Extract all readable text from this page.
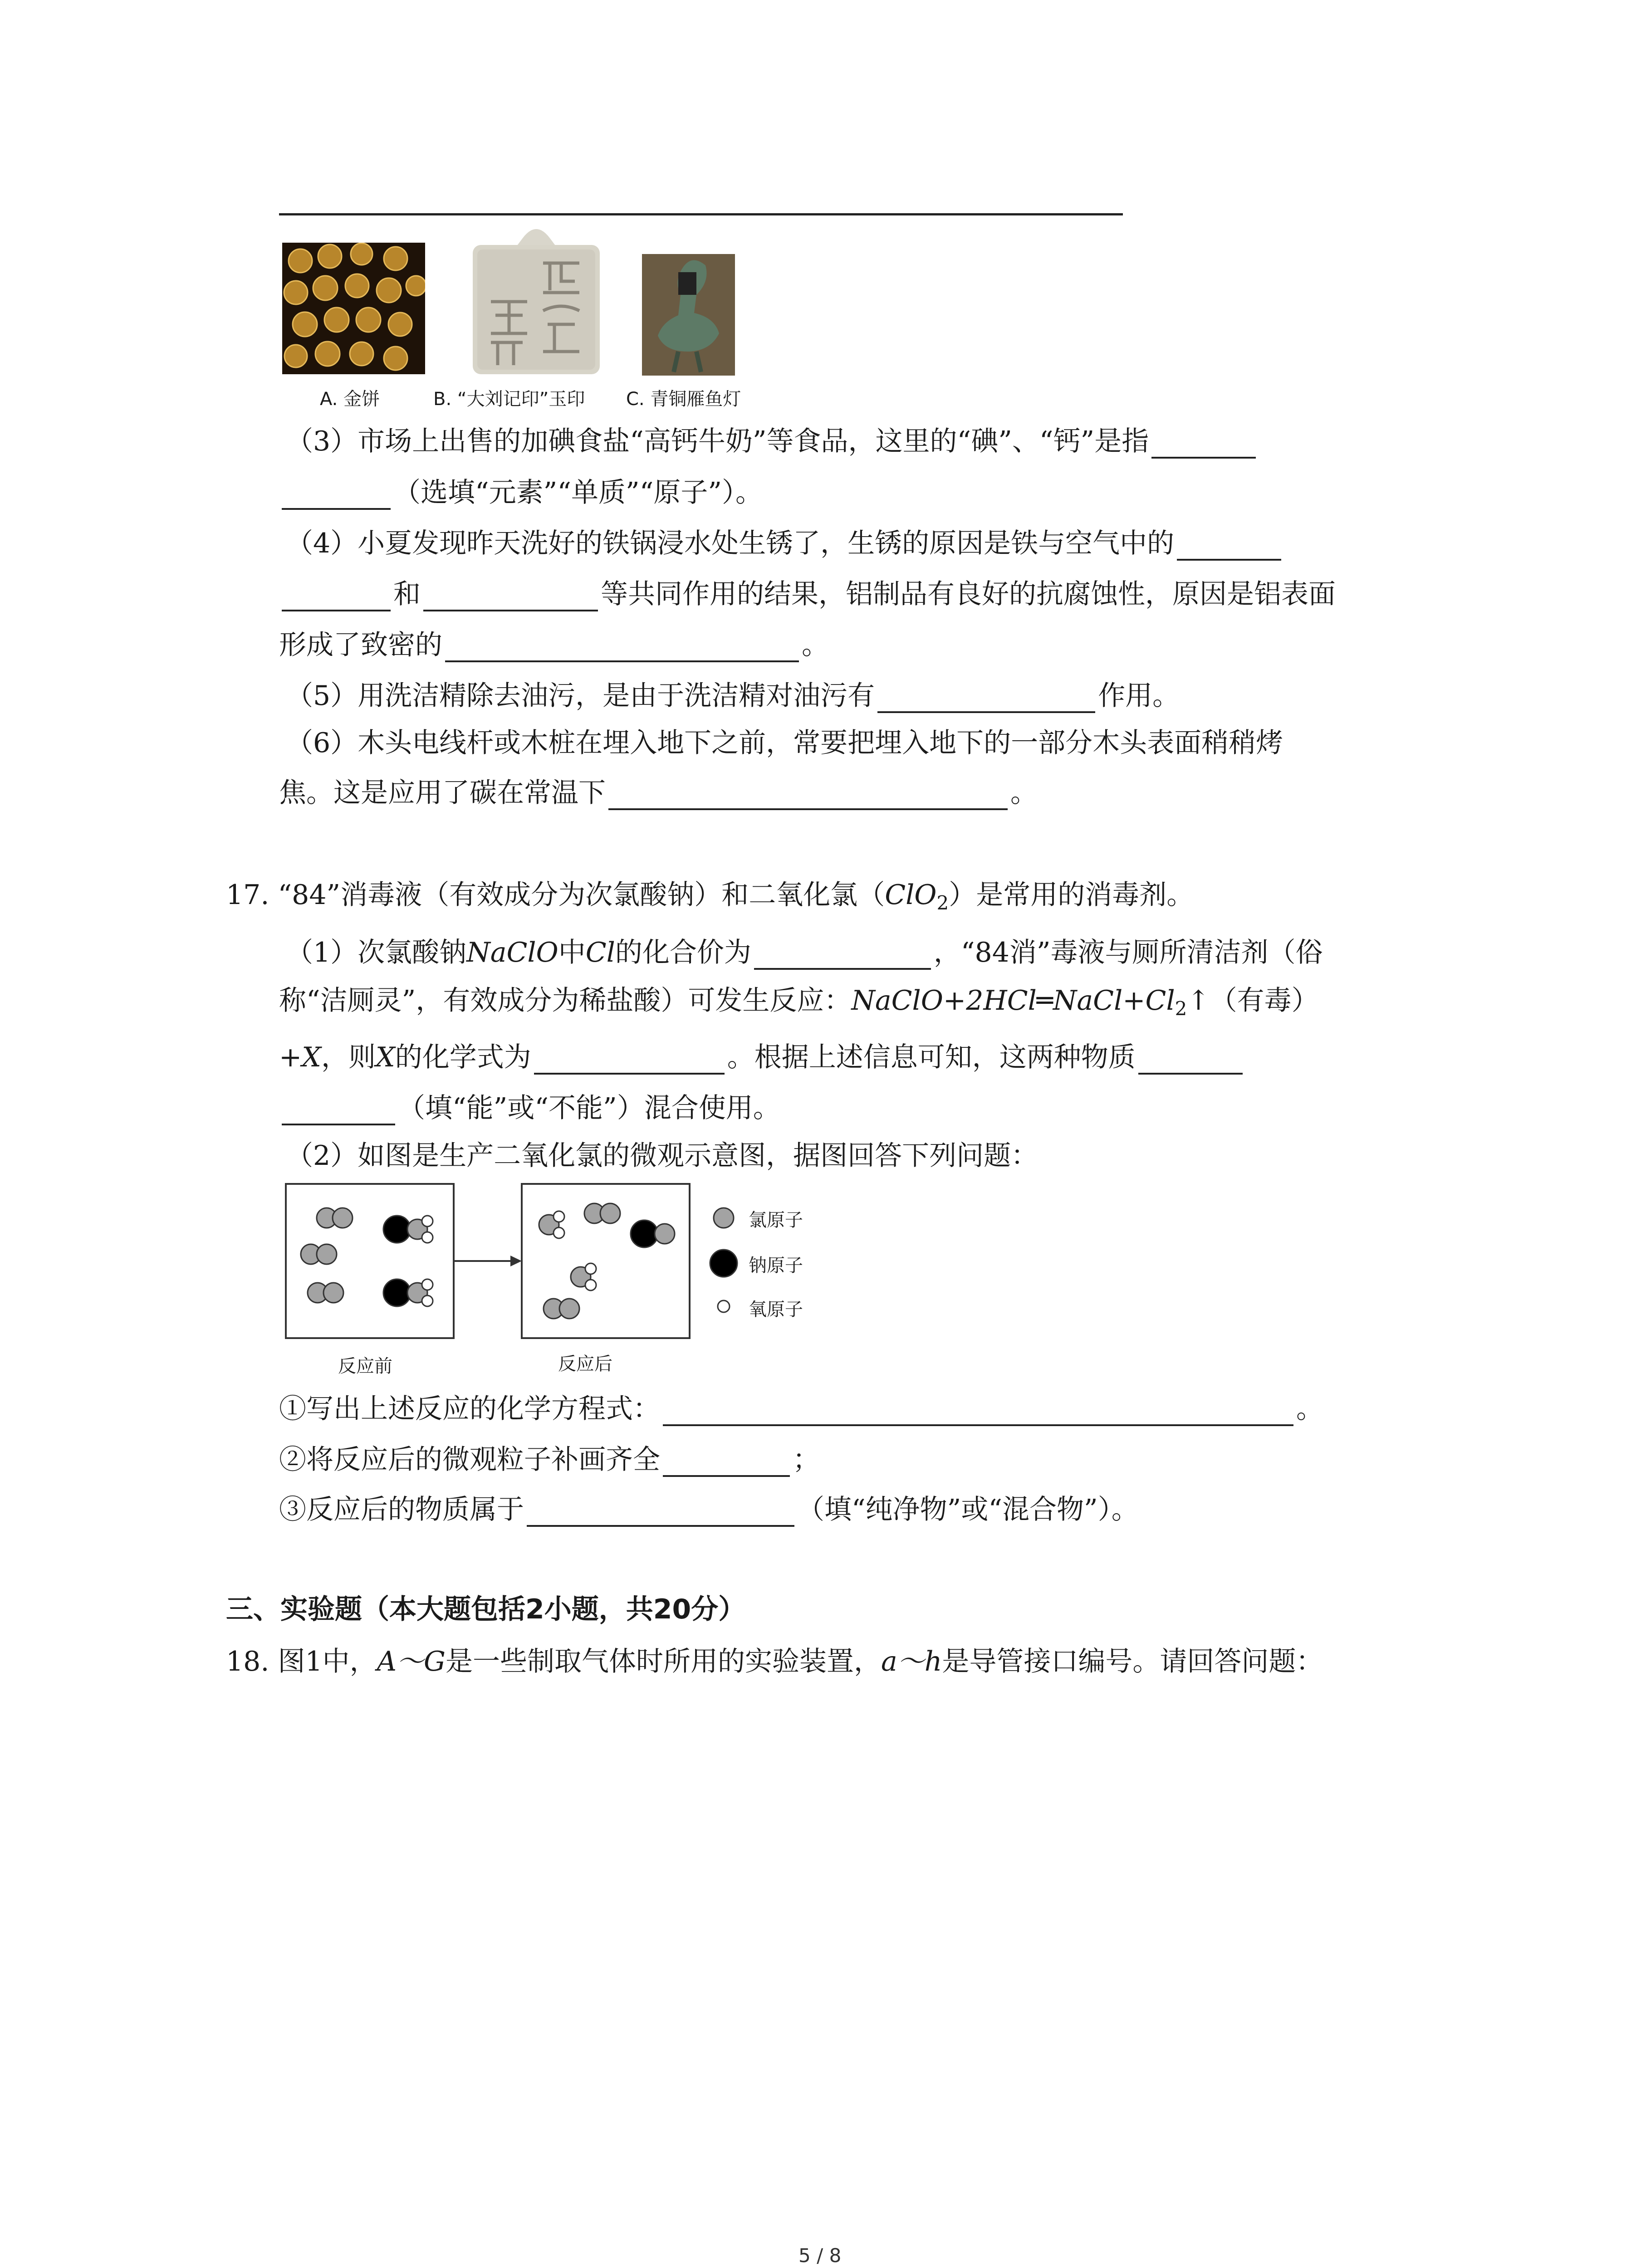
A. 金饼	B. “大刘记印”玉印 C. 青铜雁鱼灯
（3）市场上出售的加碘食盐“高钙牛奶”等食品，这里的“碘”、“钙”是指
（选填“元素”“单质”“原子”）。
（4）小夏发现昨天洗好的铁锅浸水处生锈了，生锈的原因是铁与空气中的
和	等共同作用的结果，铝制品有良好的抗腐蚀性，原因是铝表面
形成了致密的	。
（5）用洗洁精除去油污，是由于洗洁精对油污有	作用。
（6）木头电线杆或木桩在埋入地下之前，常要把埋入地下的一部分木头表面稍稍烤
焦。这是应用了碳在常温下	。
17. “84”消毒液（有效成分为次氯酸钠）和二氧化氯（ClO$_2$）是常用的消毒剂。
（1）次氯酸钠NaClO中Cl的化合价为	，“84消”毒液与厕所清洁剂（俗
称“洁厕灵”，有效成分为稀盐酸）可发生反应：$NaClO+2HCl═NaCl+Cl_2↑$（有毒）
+X，则X的化学式为	。根据上述信息可知，这两种物质
（填“能”或“不能”）混合使用。
（2）如图是生产二氧化氯的微观示意图，据图回答下列问题：
氯原子
钠原子
氧原子
反应前	反应后
①写出上述反应的化学方程式：	。
②将反应后的微观粒子补画齐全	；
③反应后的物质属于	（填“纯净物”或“混合物”）。
三、实验题（本大题包括2小题，共20分）
18. 图1中，A～G是一些制取气体时所用的实验装置，a～h是导管接口编号。请回答问题：
5 / 8
